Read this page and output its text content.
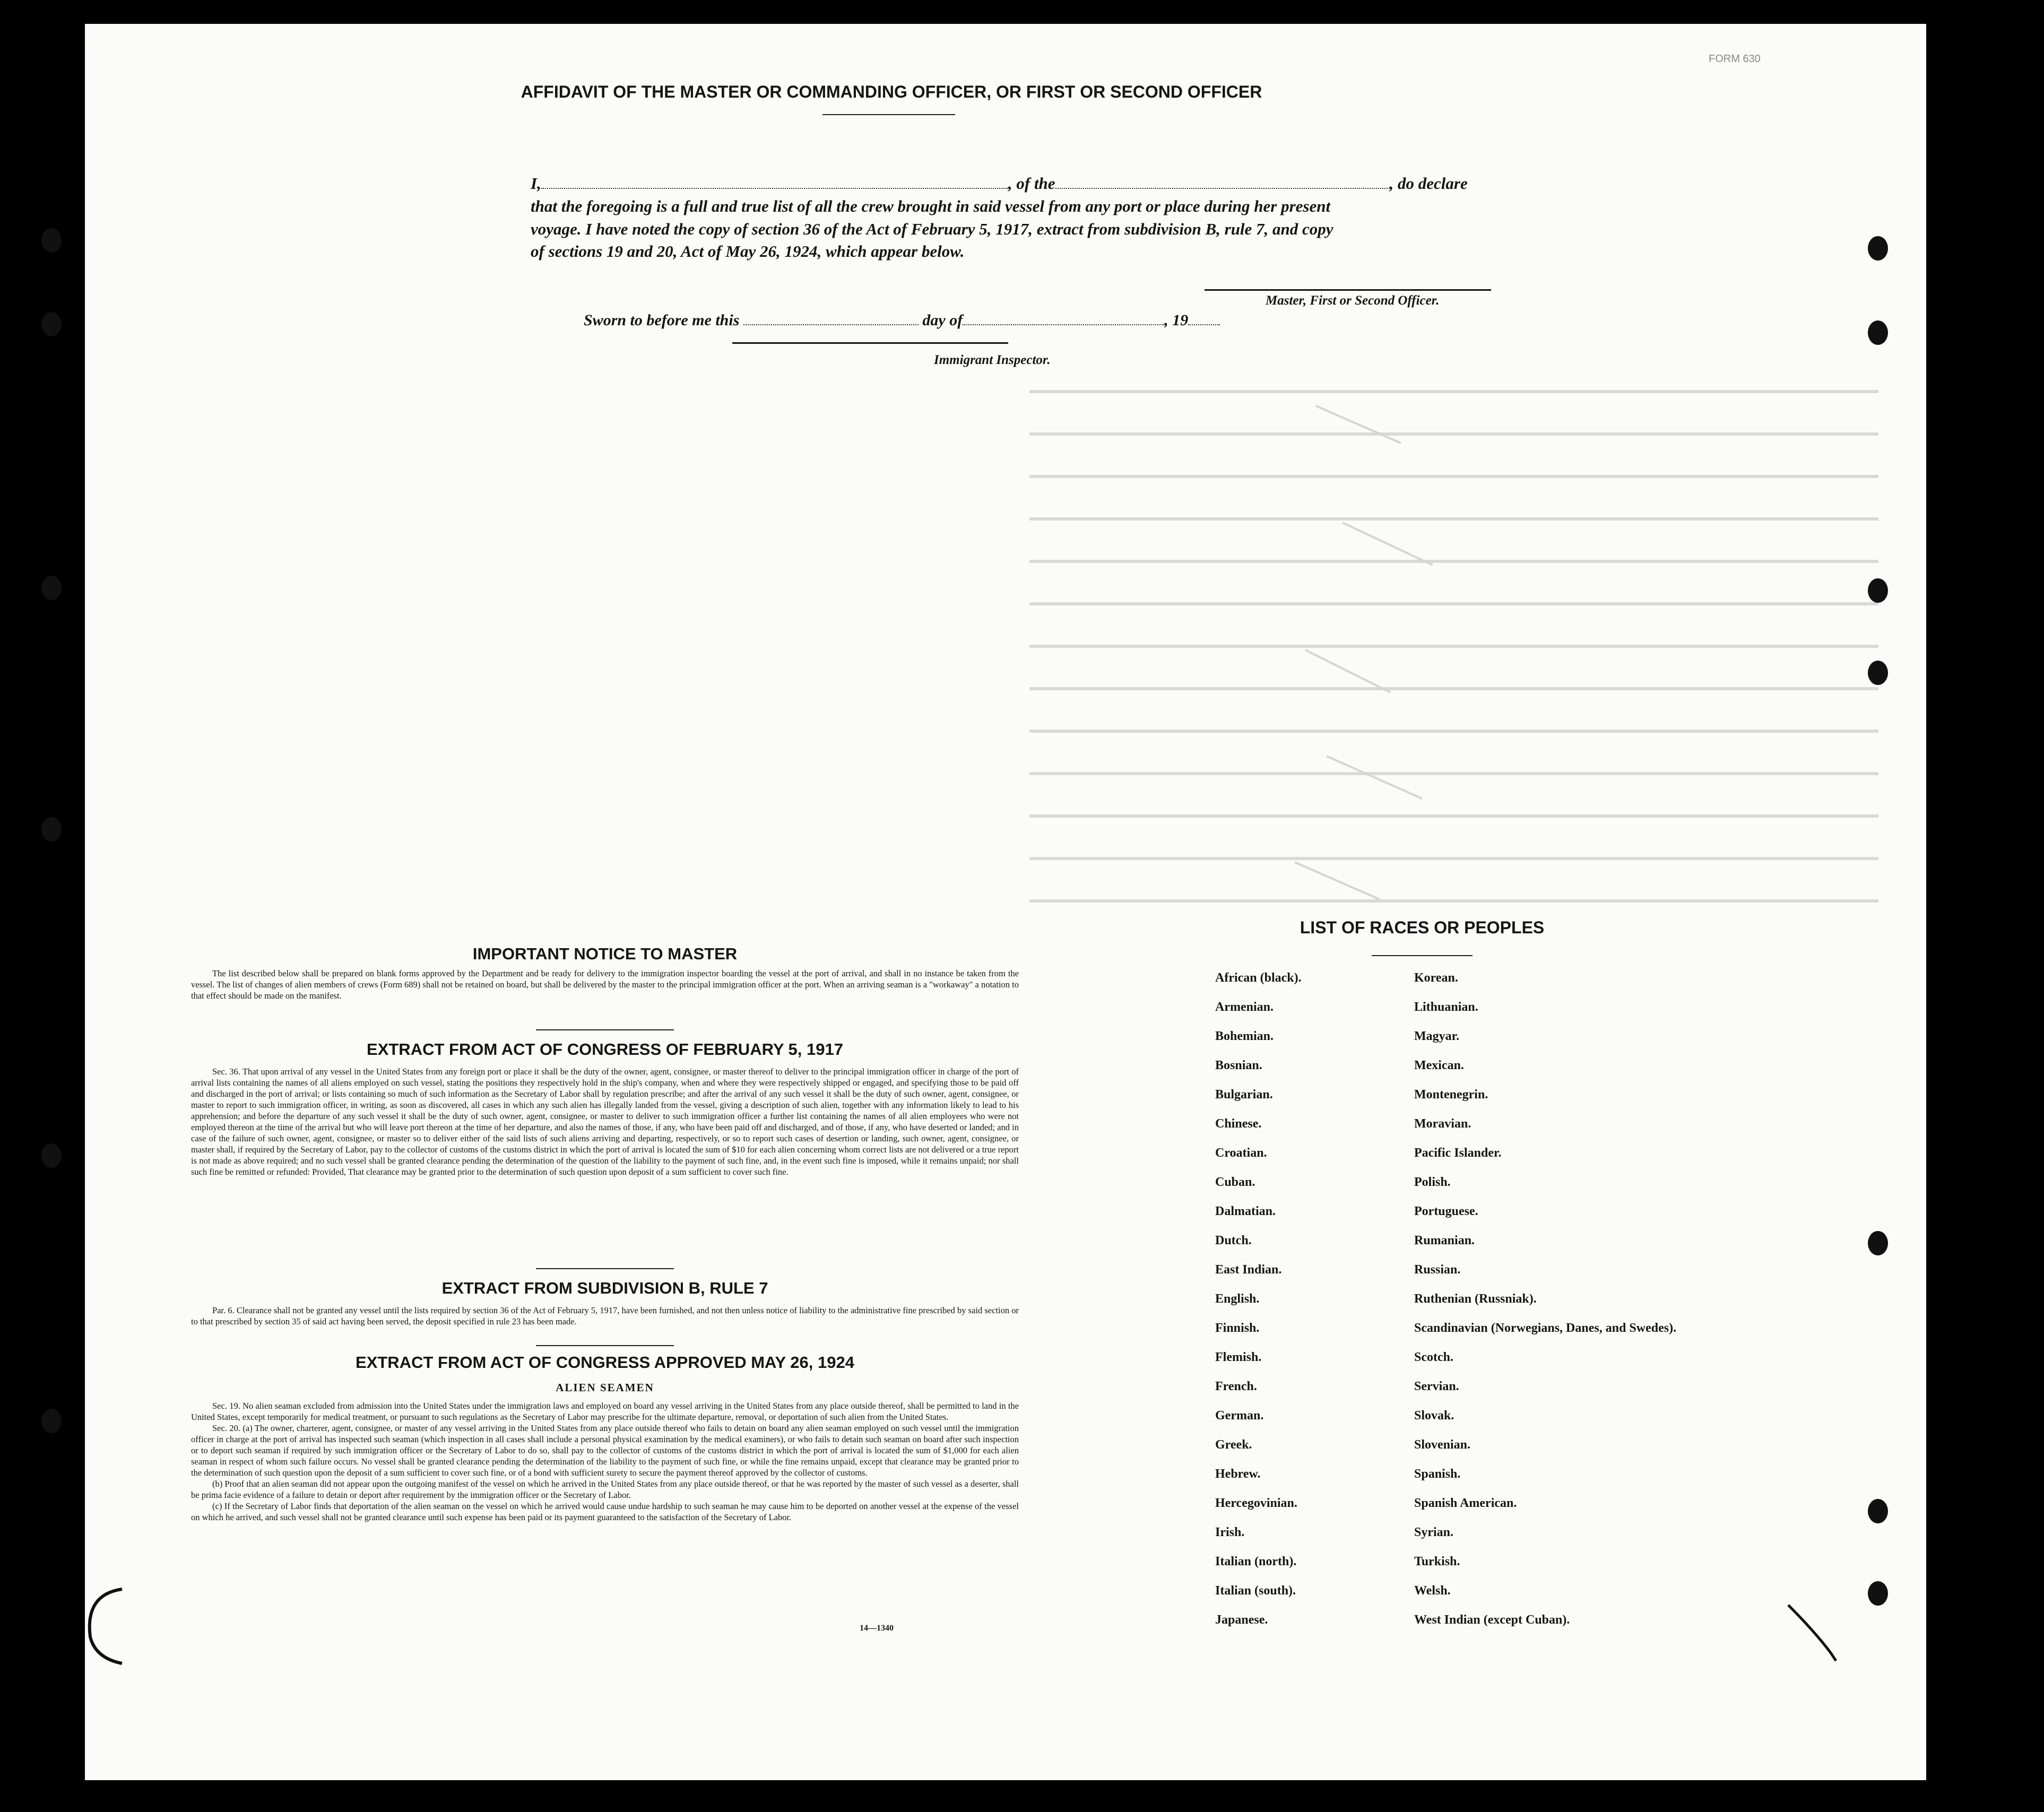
FORM 630
AFFIDAVIT OF THE MASTER OR COMMANDING OFFICER, OR FIRST OR SECOND OFFICER
I,	, of the	, do declare
that the foregoing is a full and true list of all the crew brought in said vessel from any port or place during her present
voyage. I have noted the copy of section 36 of the Act of February 5, 1917, extract from subdivision B, rule 7, and copy
of sections 19 and 20, Act of May 26, 1924, which appear below.
Master, First or Second Officer.
Sworn to before me this	day of	, 19
Immigrant Inspector.
IMPORTANT NOTICE TO MASTER

The list described below shall be prepared on blank forms approved by the Department and be ready for delivery to the immigration inspector boarding the vessel at the port of arrival, and shall in no instance be taken from the vessel. The list of changes of alien members of crews (Form 689) shall not be retained on board, but shall be delivered by the master to the principal immigration officer at the port. When an arriving seaman is a "workaway" a notation to that effect should be made on the manifest.

EXTRACT FROM ACT OF CONGRESS OF FEBRUARY 5, 1917

Sec. 36. That upon arrival of any vessel in the United States from any foreign port or place it shall be the duty of the owner, agent, consignee, or master thereof to deliver to the principal immigration officer in charge of the port of arrival lists containing the names of all aliens employed on such vessel, stating the positions they respectively hold in the ship's company, when and where they were respectively shipped or engaged, and specifying those to be paid off and discharged in the port of arrival; or lists containing so much of such information as the Secretary of Labor shall by regulation prescribe; and after the arrival of any such vessel it shall be the duty of such owner, agent, consignee, or master to report to such immigration officer, in writing, as soon as discovered, all cases in which any such alien has illegally landed from the vessel, giving a description of such alien, together with any information likely to lead to his apprehension; and before the departure of any such vessel it shall be the duty of such owner, agent, consignee, or master to deliver to such immigration officer a further list containing the names of all alien employees who were not employed thereon at the time of the arrival but who will leave port thereon at the time of her departure, and also the names of those, if any, who have been paid off and discharged, and of those, if any, who have deserted or landed; and in case of the failure of such owner, agent, consignee, or master so to deliver either of the said lists of such aliens arriving and departing, respectively, or so to report such cases of desertion or landing, such owner, agent, consignee, or master shall, if required by the Secretary of Labor, pay to the collector of customs of the customs district in which the port of arrival is located the sum of $10 for each alien concerning whom correct lists are not delivered or a true report is not made as above required; and no such vessel shall be granted clearance pending the determination of the question of the liability to the payment of such fine, and, in the event such fine is imposed, while it remains unpaid; nor shall such fine be remitted or refunded: Provided, That clearance may be granted prior to the determination of such question upon deposit of a sum sufficient to cover such fine.

EXTRACT FROM SUBDIVISION B, RULE 7

Par. 6. Clearance shall not be granted any vessel until the lists required by section 36 of the Act of February 5, 1917, have been furnished, and not then unless notice of liability to the administrative fine prescribed by said section or to that prescribed by section 35 of said act having been served, the deposit specified in rule 23 has been made.

EXTRACT FROM ACT OF CONGRESS APPROVED MAY 26, 1924
ALIEN SEAMEN

Sec. 19. No alien seaman excluded from admission into the United States under the immigration laws and employed on board any vessel arriving in the United States from any place outside thereof, shall be permitted to land in the United States, except temporarily for medical treatment, or pursuant to such regulations as the Secretary of Labor may prescribe for the ultimate departure, removal, or deportation of such alien from the United States.

Sec. 20. (a) The owner, charterer, agent, consignee, or master of any vessel arriving in the United States from any place outside thereof who fails to detain on board any alien seaman employed on such vessel until the immigration officer in charge at the port of arrival has inspected such seaman (which inspection in all cases shall include a personal physical examination by the medical examiners), or who fails to detain such seaman on board after such inspection or to deport such seaman if required by such immigration officer or the Secretary of Labor to do so, shall pay to the collector of customs of the customs district in which the port of arrival is located the sum of $1,000 for each alien seaman in respect of whom such failure occurs. No vessel shall be granted clearance pending the determination of the liability to the payment of such fine, or while the fine remains unpaid, except that clearance may be granted prior to the determination of such question upon the deposit of a sum sufficient to cover such fine, or of a bond with sufficient surety to secure the payment thereof approved by the collector of customs.

(b) Proof that an alien seaman did not appear upon the outgoing manifest of the vessel on which he arrived in the United States from any place outside thereof, or that he was reported by the master of such vessel as a deserter, shall be prima facie evidence of a failure to detain or deport after requirement by the immigration officer or the Secretary of Labor.

(c) If the Secretary of Labor finds that deportation of the alien seaman on the vessel on which he arrived would cause undue hardship to such seaman he may cause him to be deported on another vessel at the expense of the vessel on which he arrived, and such vessel shall not be granted clearance until such expense has been paid or its payment guaranteed to the satisfaction of the Secretary of Labor.

14—1340
LIST OF RACES OR PEOPLES
African (black).	Korean.
Armenian.	Lithuanian.
Bohemian.	Magyar.
Bosnian.	Mexican.
Bulgarian.	Montenegrin.
Chinese.	Moravian.
Croatian.	Pacific Islander.
Cuban.	Polish.
Dalmatian.	Portuguese.
Dutch.	Rumanian.
East Indian.	Russian.
English.	Ruthenian (Russniak).
Finnish.	Scandinavian (Norwegians, Danes, and Swedes).
Flemish.	Scotch.
French.	Servian.
German.	Slovak.
Greek.	Slovenian.
Hebrew.	Spanish.
Hercegovinian.	Spanish American.
Irish.	Syrian.
Italian (north).	Turkish.
Italian (south).	Welsh.
Japanese.	West Indian (except Cuban).
